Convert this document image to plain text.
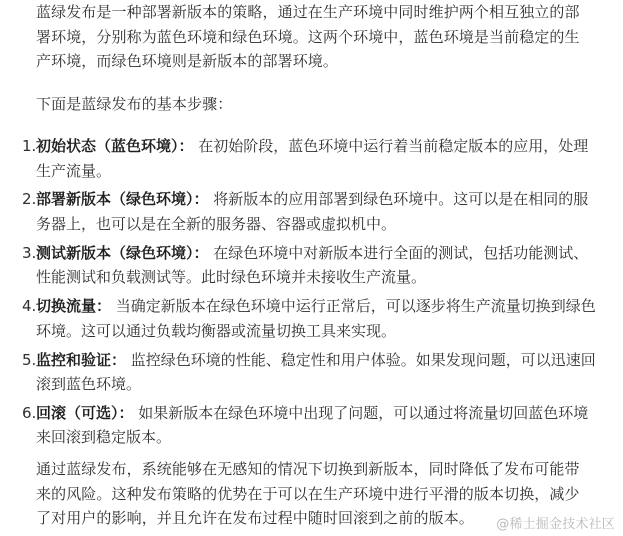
蓝绿发布是一种部署新版本的策略，通过在生产环境中同时维护两个相互独立的部署环境，分别称为蓝色环境和绿色环境。这两个环境中，蓝色环境是当前稳定的生产环境，而绿色环境则是新版本的部署环境。

下面是蓝绿发布的基本步骤：

1. 初始状态（蓝色环境）： 在初始阶段，蓝色环境中运行着当前稳定版本的应用，处理生产流量。
2. 部署新版本（绿色环境）： 将新版本的应用部署到绿色环境中。这可以是在相同的服务器上，也可以是在全新的服务器、容器或虚拟机中。
3. 测试新版本（绿色环境）： 在绿色环境中对新版本进行全面的测试，包括功能测试、性能测试和负载测试等。此时绿色环境并未接收生产流量。
4. 切换流量： 当确定新版本在绿色环境中运行正常后，可以逐步将生产流量切换到绿色环境。这可以通过负载均衡器或流量切换工具来实现。
5. 监控和验证： 监控绿色环境的性能、稳定性和用户体验。如果发现问题，可以迅速回滚到蓝色环境。
6. 回滚（可选）： 如果新版本在绿色环境中出现了问题，可以通过将流量切回蓝色环境来回滚到稳定版本。

通过蓝绿发布，系统能够在无感知的情况下切换到新版本，同时降低了发布可能带来的风险。这种发布策略的优势在于可以在生产环境中进行平滑的版本切换，减少了对用户的影响，并且允许在发布过程中随时回滚到之前的版本。	@稀土掘金技术社区
